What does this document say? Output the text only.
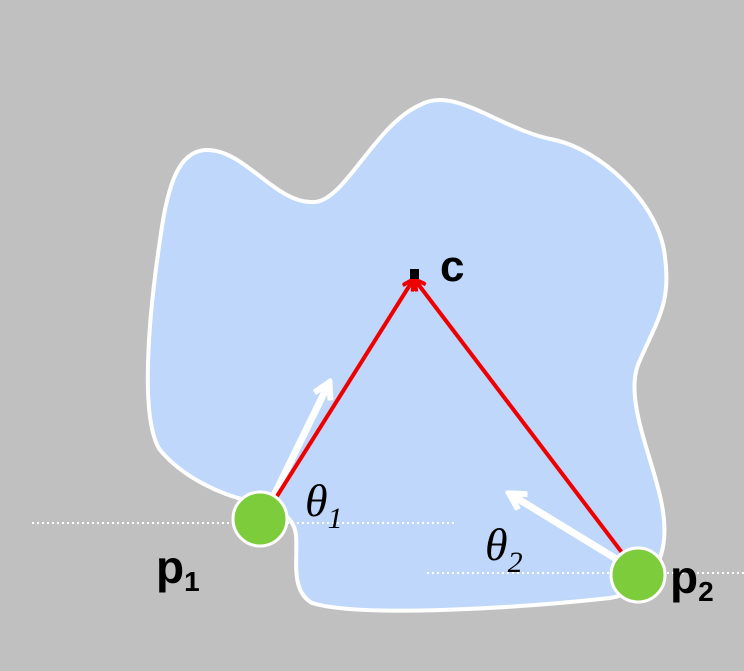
c
p1	p2
$\theta_1$
$\theta_2$
